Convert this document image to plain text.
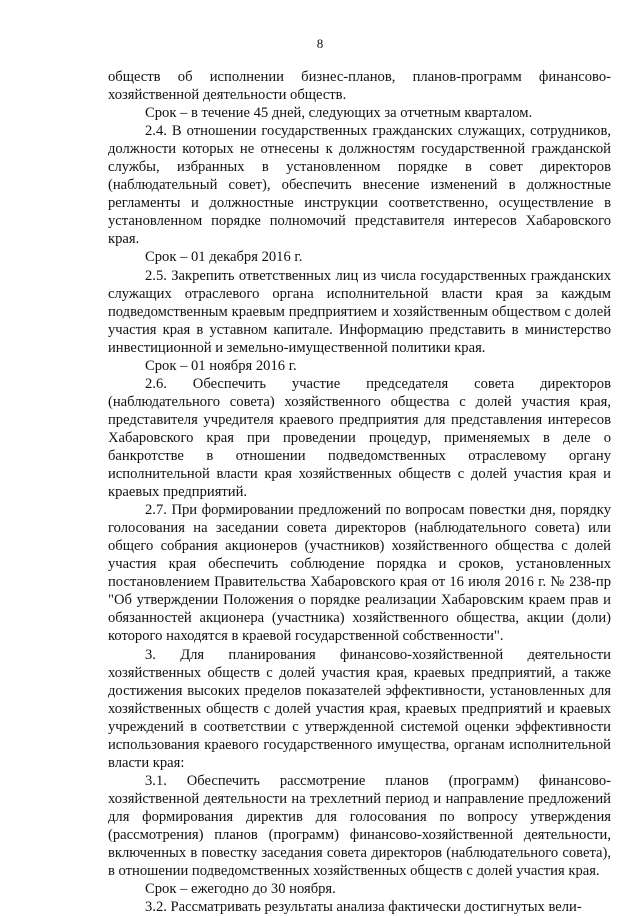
8

обществ об исполнении бизнес-планов, планов-программ финансово-хозяйственной деятельности обществ.

Срок – в течение 45 дней, следующих за отчетным кварталом.

2.4. В отношении государственных гражданских служащих, сотрудников, должности которых не отнесены к должностям государственной гражданской службы, избранных в установленном порядке в совет директоров (наблюдательный совет), обеспечить внесение изменений в должностные регламенты и должностные инструкции соответственно, осуществление в установленном порядке полномочий представителя интересов Хабаровского края.

Срок – 01 декабря 2016 г.

2.5. Закрепить ответственных лиц из числа государственных гражданских служащих отраслевого органа исполнительной власти края за каждым подведомственным краевым предприятием и хозяйственным обществом с долей участия края в уставном капитале. Информацию представить в министерство инвестиционной и земельно-имущественной политики края.

Срок – 01 ноября 2016 г.

2.6. Обеспечить участие председателя совета директоров (наблюдательного совета) хозяйственного общества с долей участия края, представителя учредителя краевого предприятия для представления интересов Хабаровского края при проведении процедур, применяемых в деле о банкротстве в отношении подведомственных отраслевому органу исполнительной власти края хозяйственных обществ с долей участия края и краевых предприятий.

2.7. При формировании предложений по вопросам повестки дня, порядку голосования на заседании совета директоров (наблюдательного совета) или общего собрания акционеров (участников) хозяйственного общества с долей участия края обеспечить соблюдение порядка и сроков, установленных постановлением Правительства Хабаровского края от 16 июля 2016 г. № 238-пр "Об утверждении Положения о порядке реализации Хабаровским краем прав и обязанностей акционера (участника) хозяйственного общества, акции (доли) которого находятся в краевой государственной собственности".

3. Для планирования финансово-хозяйственной деятельности хозяйственных обществ с долей участия края, краевых предприятий, а также достижения высоких пределов показателей эффективности, установленных для хозяйственных обществ с долей участия края, краевых предприятий и краевых учреждений в соответствии с утвержденной системой оценки эффективности использования краевого государственного имущества, органам исполнительной власти края:

3.1. Обеспечить рассмотрение планов (программ) финансово-хозяйственной деятельности на трехлетний период и направление предложений для формирования директив для голосования по вопросу утверждения (рассмотрения) планов (программ) финансово-хозяйственной деятельности, включенных в повестку заседания совета директоров (наблюдательного совета), в отношении подведомственных хозяйственных обществ с долей участия края.

Срок – ежегодно до 30 ноября.

3.2. Рассматривать результаты анализа фактически достигнутых вели-
